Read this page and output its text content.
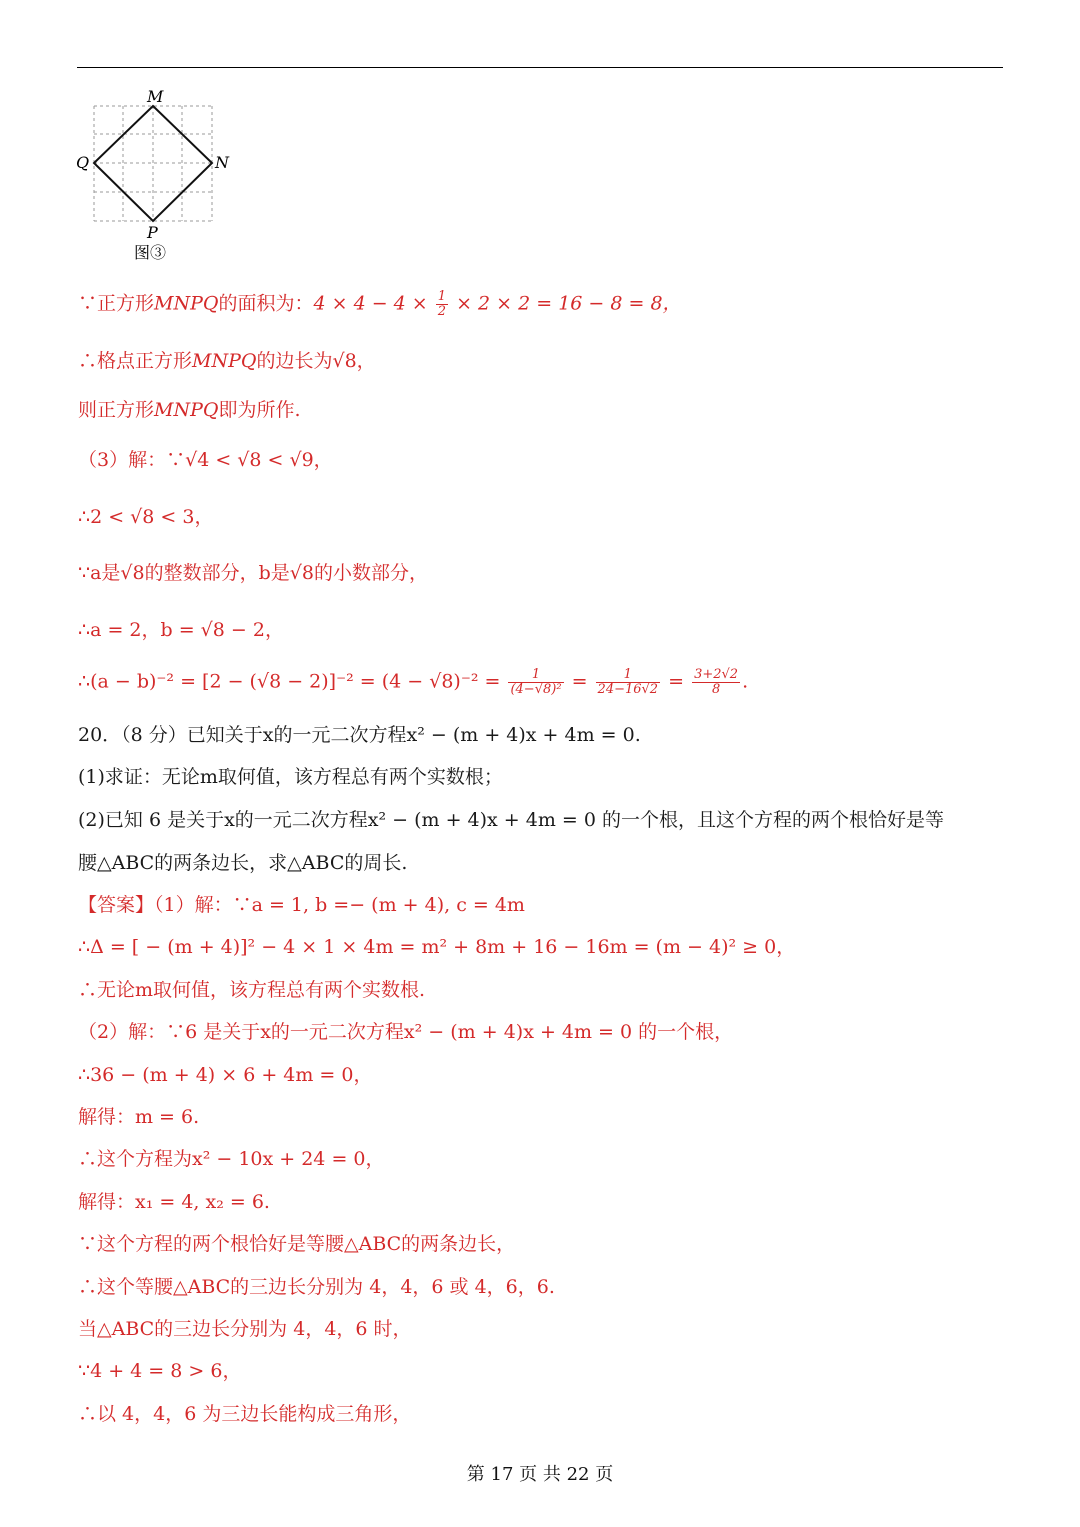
M
N
P
Q
图③
∵正方形MNPQ的面积为：$4 \times 4 - 4 \times \frac{1}{2} \times 2 \times 2 = 16 - 8 = 8$，
∴格点正方形MNPQ的边长为√8，
则正方形MNPQ即为所作.
（3）解：∵√4 < √8 < √9，
∴2 < √8 < 3，
∵a是√8的整数部分，b是√8的小数部分，
∴a = 2，b = √8 − 2，
∴(a − $b)^{-2} = [2 - (√8 - 2)]^{-2} = (4 - √8)^{-2} = \frac{1}{\text{(4−√8)²}} = \frac{1}{24-16√2} = \frac{3+2√2}{8}$ .
20．（8 分）已知关于x的一元二次方程x² − (m + 4)x + 4m = 0.
(1)求证：无论m取何值，该方程总有两个实数根；
(2)已知 6 是关于x的一元二次方程x² − (m + 4)x + 4m = 0 的一个根，且这个方程的两个根恰好是等
腰△ABC的两条边长，求△ABC的周长.
【答案】（1）解：∵a = 1, b =− (m + 4), c = 4m
∴Δ = [ − (m + 4)]² − 4 × 1 × 4m = m² + 8m + 16 − 16m = (m − 4)² ≥ 0，
∴无论m取何值，该方程总有两个实数根.
（2）解：∵6 是关于x的一元二次方程x² − (m + 4)x + 4m = 0 的一个根，
∴36 − (m + 4) × 6 + 4m = 0，
解得：m = 6.
∴这个方程为x² − 10x + 24 = 0，
解得：x₁ = 4, x₂ = 6.
∵这个方程的两个根恰好是等腰△ABC的两条边长，
∴这个等腰△ABC的三边长分别为 4，4，6 或 4，6，6.
当△ABC的三边长分别为 4，4，6 时，
∵4 + 4 = 8 > 6，
∴以 4，4，6 为三边长能构成三角形，
第 17 页 共 22 页
